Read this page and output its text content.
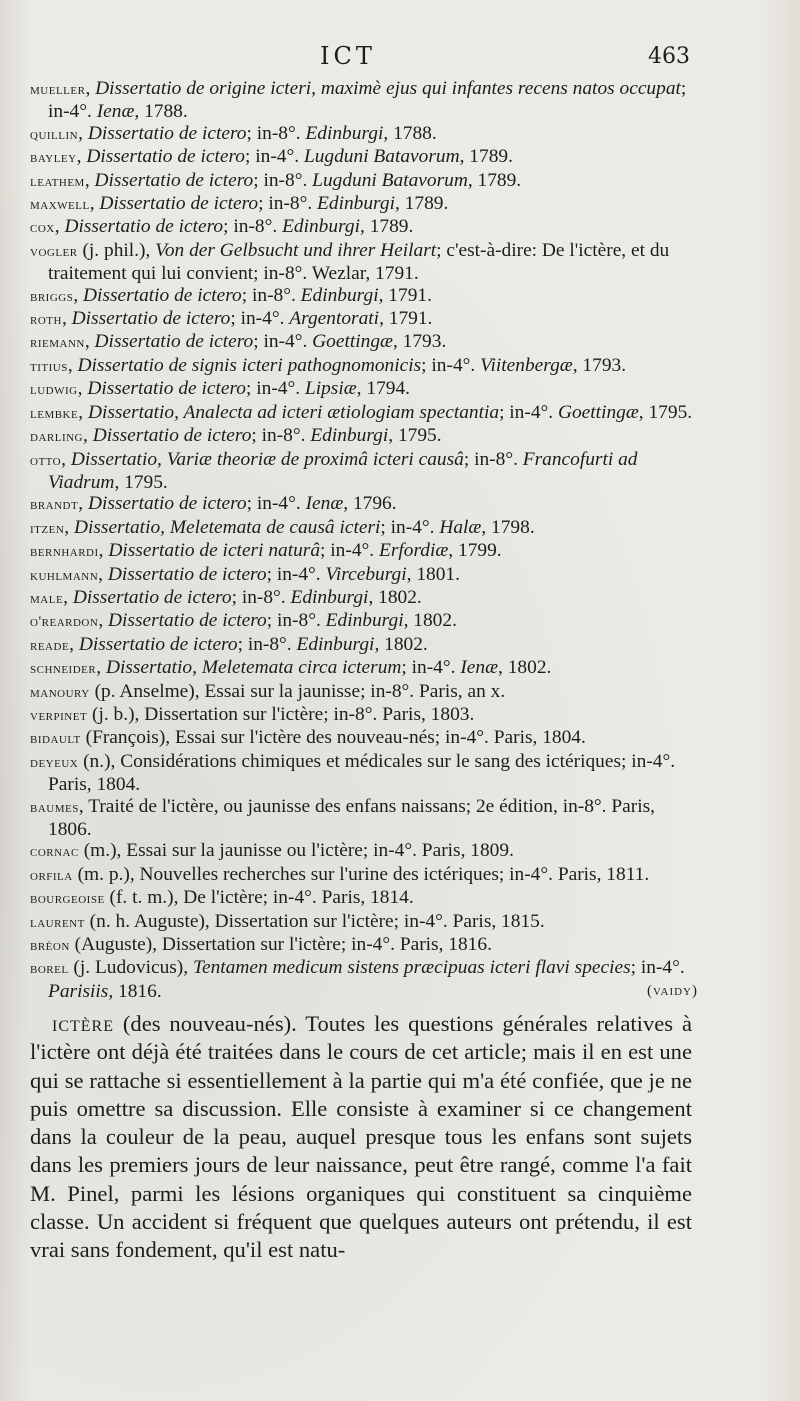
ICT	463

mueller, Dissertatio de origine icteri, maximè ejus qui infantes recens natos occupat; in-4°. Ienæ, 1788.

quillin, Dissertatio de ictero; in-8°. Edinburgi, 1788.

bayley, Dissertatio de ictero; in-4°. Lugduni Batavorum, 1789.

leathem, Dissertatio de ictero; in-8°. Lugduni Batavorum, 1789.

maxwell, Dissertatio de ictero; in-8°. Edinburgi, 1789.

cox, Dissertatio de ictero; in-8°. Edinburgi, 1789.

vogler (j. phil.), Von der Gelbsucht und ihrer Heilart; c'est-à-dire: De l'ictère, et du traitement qui lui convient; in-8°. Wezlar, 1791.

briggs, Dissertatio de ictero; in-8°. Edinburgi, 1791.

roth, Dissertatio de ictero; in-4°. Argentorati, 1791.

riemann, Dissertatio de ictero; in-4°. Goettingæ, 1793.

titius, Dissertatio de signis icteri pathognomonicis; in-4°. Viitenbergæ, 1793.

ludwig, Dissertatio de ictero; in-4°. Lipsiæ, 1794.

lembke, Dissertatio, Analecta ad icteri ætiologiam spectantia; in-4°. Goettingæ, 1795.

darling, Dissertatio de ictero; in-8°. Edinburgi, 1795.

otto, Dissertatio, Variæ theoriæ de proximâ icteri causâ; in-8°. Francofurti ad Viadrum, 1795.

brandt, Dissertatio de ictero; in-4°. Ienæ, 1796.

itzen, Dissertatio, Meletemata de causâ icteri; in-4°. Halæ, 1798.

bernhardi, Dissertatio de icteri naturâ; in-4°. Erfordiæ, 1799.

kuhlmann, Dissertatio de ictero; in-4°. Virceburgi, 1801.

male, Dissertatio de ictero; in-8°. Edinburgi, 1802.

o'reardon, Dissertatio de ictero; in-8°. Edinburgi, 1802.

reade, Dissertatio de ictero; in-8°. Edinburgi, 1802.

schneider, Dissertatio, Meletemata circa icterum; in-4°. Ienæ, 1802.

manoury (p. Anselme), Essai sur la jaunisse; in-8°. Paris, an x.

verpinet (j. b.), Dissertation sur l'ictère; in-8°. Paris, 1803.

bidault (François), Essai sur l'ictère des nouveau-nés; in-4°. Paris, 1804.

deyeux (n.), Considérations chimiques et médicales sur le sang des ictériques; in-4°. Paris, 1804.

baumes, Traité de l'ictère, ou jaunisse des enfans naissans; 2e édition, in-8°. Paris, 1806.

cornac (m.), Essai sur la jaunisse ou l'ictère; in-4°. Paris, 1809.

orfila (m. p.), Nouvelles recherches sur l'urine des ictériques; in-4°. Paris, 1811.

bourgeoise (f. t. m.), De l'ictère; in-4°. Paris, 1814.

laurent (n. h. Auguste), Dissertation sur l'ictère; in-4°. Paris, 1815.

bréon (Auguste), Dissertation sur l'ictère; in-4°. Paris, 1816.

borel (j. Ludovicus), Tentamen medicum sistens præcipuas icteri flavi species; in-4°. Parisiis, 1816.	(vaidy)

ictère (des nouveau-nés). Toutes les questions générales relatives à l'ictère ont déjà été traitées dans le cours de cet article; mais il en est une qui se rattache si essentiellement à la partie qui m'a été confiée, que je ne puis omettre sa discussion. Elle consiste à examiner si ce changement dans la couleur de la peau, auquel presque tous les enfans sont sujets dans les premiers jours de leur naissance, peut être rangé, comme l'a fait M. Pinel, parmi les lésions organiques qui constituent sa cinquième classe. Un accident si fréquent que quelques auteurs ont prétendu, il est vrai sans fondement, qu'il est natu-
